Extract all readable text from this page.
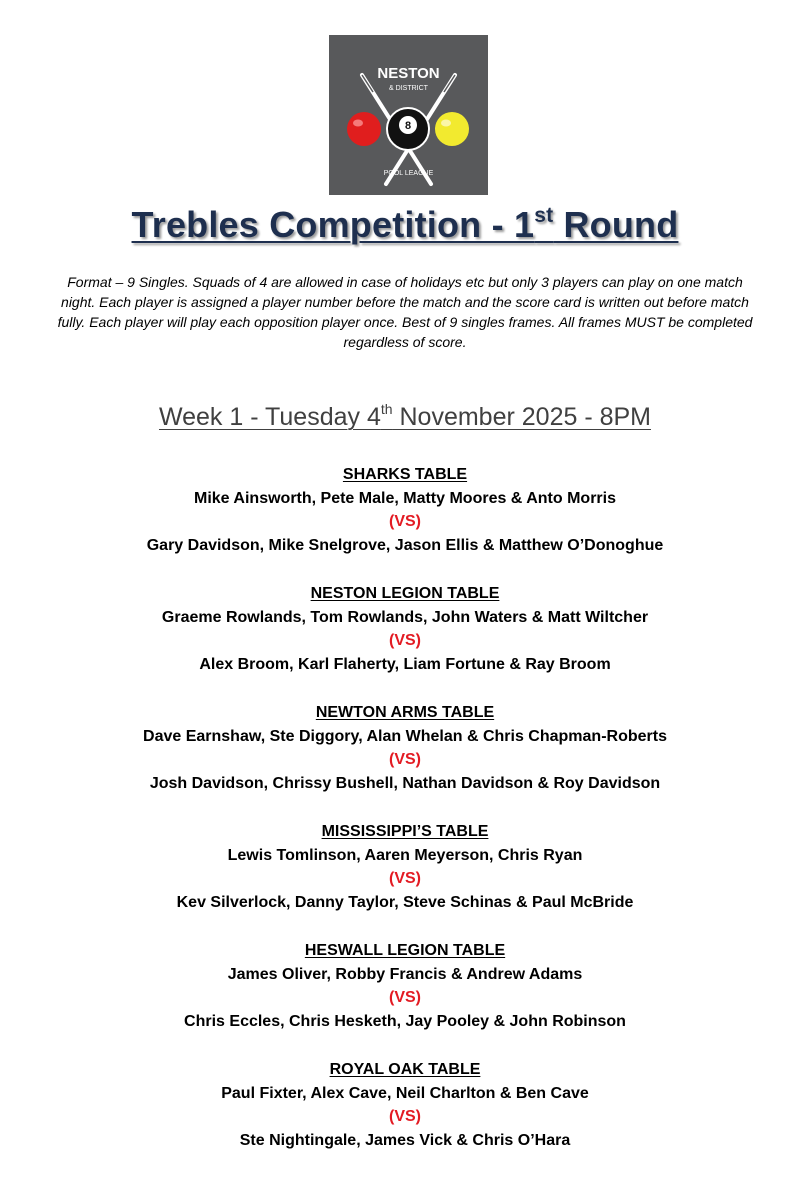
8
NESTON
& DISTRICT
POOL LEAGUE
Trebles Competition - 1st Round

Format – 9 Singles. Squads of 4 are allowed in case of holidays etc but only 3 players can play on one match night. Each player is assigned a player number before the match and the score card is written out before match fully. Each player will play each opposition player once. Best of 9 singles frames. All frames MUST be completed regardless of score.

Week 1 - Tuesday 4th November 2025 - 8PM
SHARKS TABLE
Mike Ainsworth, Pete Male, Matty Moores & Anto Morris
(VS)
Gary Davidson, Mike Snelgrove, Jason Ellis & Matthew O’Donoghue
NESTON LEGION TABLE
Graeme Rowlands, Tom Rowlands, John Waters & Matt Wiltcher
(VS)
Alex Broom, Karl Flaherty, Liam Fortune & Ray Broom
NEWTON ARMS TABLE
Dave Earnshaw, Ste Diggory, Alan Whelan & Chris Chapman-Roberts
(VS)
Josh Davidson, Chrissy Bushell, Nathan Davidson & Roy Davidson
MISSISSIPPI’S TABLE
Lewis Tomlinson, Aaren Meyerson, Chris Ryan
(VS)
Kev Silverlock, Danny Taylor, Steve Schinas & Paul McBride
HESWALL LEGION TABLE
James Oliver, Robby Francis & Andrew Adams
(VS)
Chris Eccles, Chris Hesketh, Jay Pooley & John Robinson
ROYAL OAK TABLE
Paul Fixter, Alex Cave, Neil Charlton & Ben Cave
(VS)
Ste Nightingale, James Vick & Chris O’Hara
